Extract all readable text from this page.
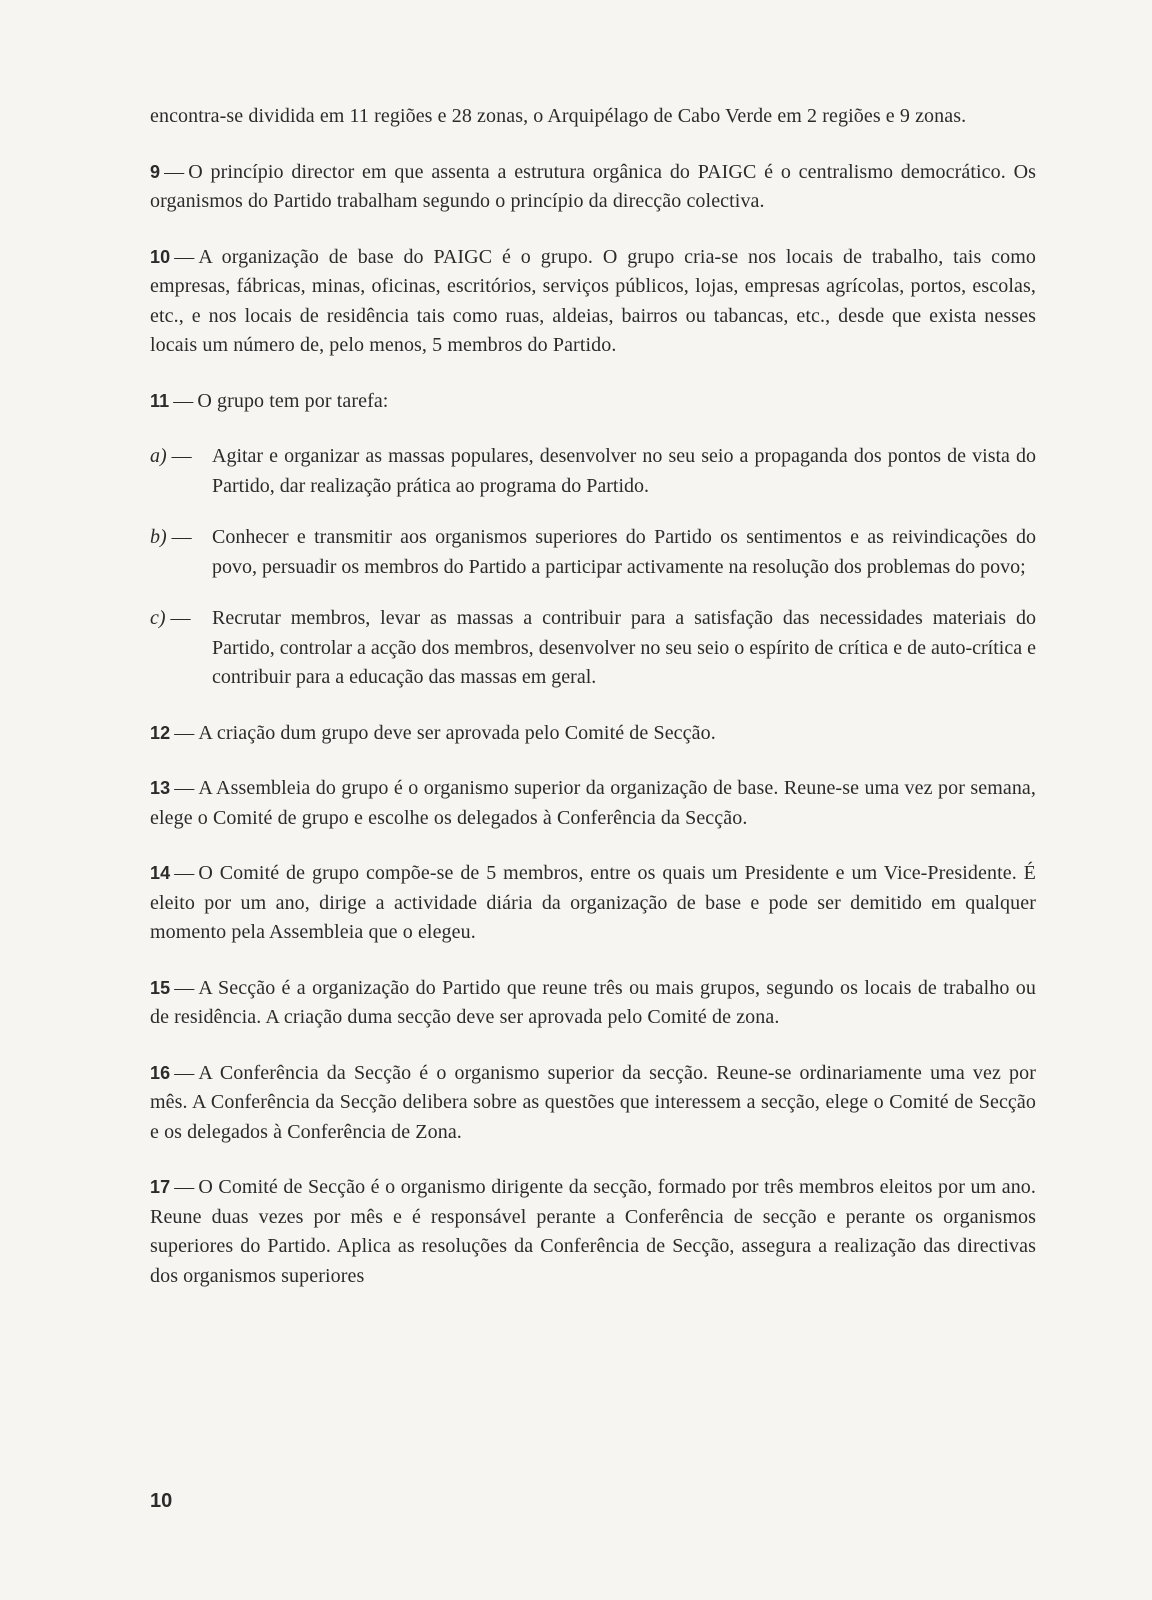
encontra-se dividida em 11 regiões e 28 zonas, o Arquipélago de Cabo Verde em 2 regiões e 9 zonas.

9 — O princípio director em que assenta a estrutura orgânica do PAIGC é o centralismo democrático. Os organismos do Partido trabalham segundo o princípio da direcção colectiva.

10 — A organização de base do PAIGC é o grupo. O grupo cria-se nos locais de trabalho, tais como empresas, fábricas, minas, oficinas, escritórios, serviços públicos, lojas, empresas agrícolas, portos, escolas, etc., e nos locais de residência tais como ruas, aldeias, bairros ou tabancas, etc., desde que exista nesses locais um número de, pelo menos, 5 membros do Partido.

11 — O grupo tem por tarefa:

a) —	Agitar e organizar as massas populares, desenvolver no seu seio a propaganda dos pontos de vista do Partido, dar realização prática ao programa do Partido.
b) —	Conhecer e transmitir aos organismos superiores do Partido os sentimentos e as reivindicações do povo, persuadir os membros do Partido a participar activamente na resolução dos problemas do povo;
c) —	Recrutar membros, levar as massas a contribuir para a satisfação das necessidades materiais do Partido, controlar a acção dos membros, desenvolver no seu seio o espírito de crítica e de auto-crítica e contribuir para a educação das massas em geral.

12 — A criação dum grupo deve ser aprovada pelo Comité de Secção.

13 — A Assembleia do grupo é o organismo superior da organização de base. Reune-se uma vez por semana, elege o Comité de grupo e escolhe os delegados à Conferência da Secção.

14 — O Comité de grupo compõe-se de 5 membros, entre os quais um Presidente e um Vice-Presidente. É eleito por um ano, dirige a actividade diária da organização de base e pode ser demitido em qualquer momento pela Assembleia que o elegeu.

15 — A Secção é a organização do Partido que reune três ou mais grupos, segundo os locais de trabalho ou de residência. A criação duma secção deve ser aprovada pelo Comité de zona.

16 — A Conferência da Secção é o organismo superior da secção. Reune-se ordinariamente uma vez por mês. A Conferência da Secção delibera sobre as questões que interessem a secção, elege o Comité de Secção e os delegados à Conferência de Zona.

17 — O Comité de Secção é o organismo dirigente da secção, formado por três membros eleitos por um ano. Reune duas vezes por mês e é responsável perante a Conferência de secção e perante os organismos superiores do Partido. Aplica as resoluções da Conferência de Secção, assegura a realização das directivas dos organismos superiores

10
